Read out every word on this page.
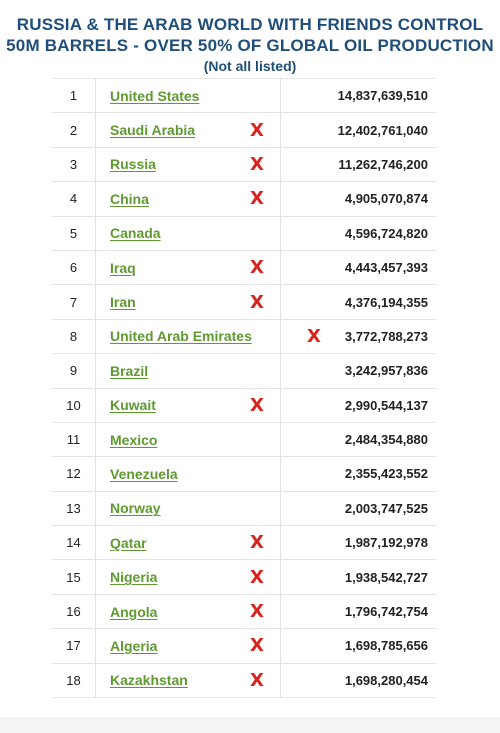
RUSSIA & THE ARAB WORLD WITH FRIENDS CONTROL
50M BARRELS - OVER 50% OF GLOBAL OIL PRODUCTION
(Not all listed)
1	United States	14,837,639,510
2	Saudi Arabia	X	12,402,761,040
3	Russia	X	11,262,746,200
4	China	X	4,905,070,874
5	Canada	4,596,724,820
6	Iraq	X	4,443,457,393
7	Iran	X	4,376,194,355
8	United Arab Emirates	X 3,772,788,273
9	Brazil	3,242,957,836
10	Kuwait	X	2,990,544,137
11	Mexico	2,484,354,880
12	Venezuela	2,355,423,552
13	Norway	2,003,747,525
14	Qatar	X	1,987,192,978
15	Nigeria	X	1,938,542,727
16	Angola	X	1,796,742,754
17	Algeria	X	1,698,785,656
18	Kazakhstan	X	1,698,280,454
